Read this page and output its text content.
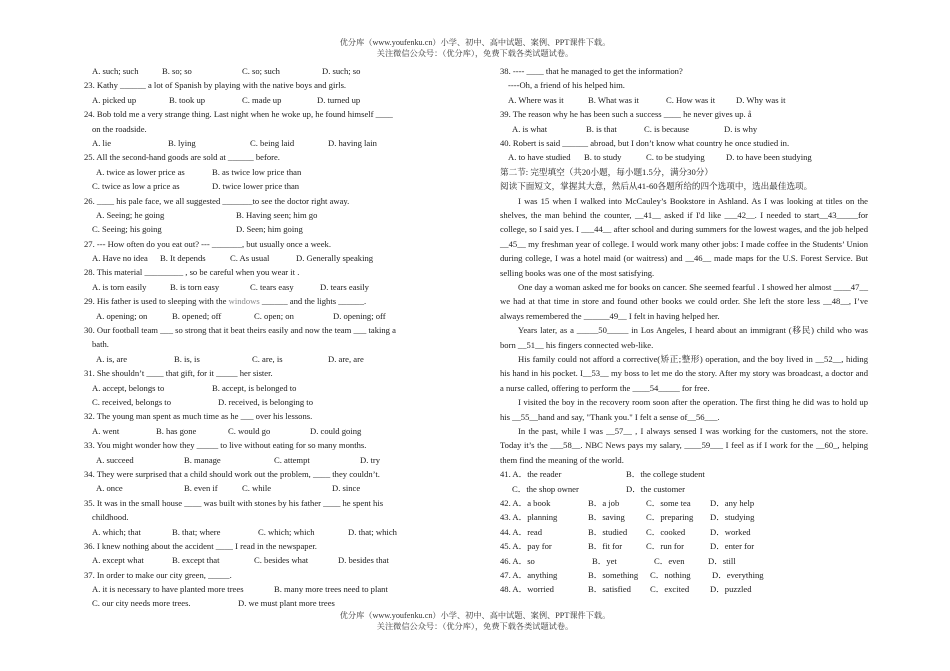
优分库（www.youfenku.cn）小学、初中、高中试题、案例、PPT课件下载。
关注微信公众号：（优分库），免费下载各类试题试卷。
A. such; such	B. so; so	C. so; such	D. such; so
23. Kathy ______ a lot of Spanish by playing with the native boys and girls.
A. picked up	B. took up	C. made up	D. turned up
24. Bob told me a very strange thing. Last night when he woke up, he found himself ____
on the roadside.
A. lie	B. lying	C. being laid	D. having lain
25. All the second-hand goods are sold at ______ before.
A. twice as lower price as	B. as twice low price than
C. twice as low a price as	D. twice lower price than
26. ____ his pale face, we all suggested _______to see the doctor right away.
A. Seeing; he going	B. Having seen; him go
C. Seeing; his going	D. Seen; him going
27. --- How often do you eat out? --- _______, but usually once a week.
A. Have no idea	B. It depends	C. As usual	D. Generally speaking
28. This material _________ , so be careful when you wear it .
A. is torn easily	B. is torn easy	C. tears easy	D. tears easily
29. His father is used to sleeping with the windows ______ and the lights ______.
A. opening; on	B. opened; off	C. open; on	D. opening; off
30. Our football team ___ so strong that it beat theirs easily and now the team ___ taking a
bath.
A. is, are	B. is, is	C. are, is	D. are, are
31. She shouldn’t ____ that gift, for it _____ her sister.
A. accept, belongs to	B. accept, is belonged to
C. received, belongs to	D. received, is belonging to
32. The young man spent as much time as he ___ over his lessons.
A. went	B. has gone	C. would go	D. could going
33. You might wonder how they _____ to live without eating for so many months.
A. succeed	B. manage	C. attempt	D. try
34. They were surprised that a child should work out the problem, ____ they couldn’t.
A. once	B. even if	C. while	D. since
35. It was in the small house ____ was built with stones by his father ____ he spent his
childhood.
A. which; that	B. that; where	C. which; which	D. that; which
36. I knew nothing about the accident ____ I read in the newspaper.
A. except what	B. except that	C. besides what	D. besides that
37. In order to make our city green, _____.
A. it is necessary to have planted more trees	B. many more trees need to plant
C. our city needs more trees.	D. we must plant more trees
38. ---- ____ that he managed to get the information?
----Oh, a friend of his helped him.
A. Where was it	B. What was it	C. How was it	D. Why was it
39. The reason why he has been such a success ____ he never gives up. å
A. is what	B. is that	C. is because	D. is why
40. Robert is said ______ abroad, but I don’t know what country he once studied in.
A. to have studied	B. to study	C. to be studying	D. to have been studying
第二节: 完型填空（共20小题，每小题1.5分，满分30分）
阅读下面短文，掌握其大意，然后从41-60各题所给的四个选项中，选出最佳选项。

I was 15 when I walked into McCauley’s Bookstore in Ashland. As I was looking at titles on the shelves, the man behind the counter, __41__ asked if I'd like ___42__. I needed to start__43_____for college, so I said yes. I ___44__ after school and during summers for the lowest wages, and the job helped __45__ my freshman year of college. I would work many other jobs: I made coffee in the Students’ Union during college, I was a hotel maid (or waitress) and __46__ made maps for the U.S. Forest Service. But selling books was one of the most satisfying.

One day a woman asked me for books on cancer. She seemed fearful . I showed her almost ____47__ we had at that time in store and found other books we could order. She left the store less __48__, I’ve always remembered the ______49__ I felt in having helped her.

Years later, as a _____50_____ in Los Angeles, I heard about an immigrant (移民) child who was born __51__ his fingers connected web-like.

His family could not afford a corrective(矫正;整形) operation, and the boy lived in __52__, hiding his hand in his pocket. I__53__ my boss to let me do the story. After my story was broadcast, a doctor and a nurse called, offering to perform the ____54_____ for free.

I visited the boy in the recovery room soon after the operation. The first thing he did was to hold up his __55__hand and say, "Thank you." I felt a sense of__56___.

In the past, while I was __57__ , I always sensed I was working for the customers, not the store. Today it’s the ___58__. NBC News pays my salary, ____59___ I feel as if I work for the __60_, helping them find the meaning of the world.

41. A．the reader	B．the college student
C．the shop owner	D．the customer
42. A．a book	B．a job	C．some tea	D．any help
43. A．planning	B．saving	C．preparing	D．studying
44. A．read	B．studied	C．cooked	D．worked
45. A．pay for	B．fit for	C．run for	D．enter for
46. A．so	B．yet	C．even	D．still
47. A．anything	B．something	C．nothing	D．everything
48. A．worried	B．satisfied	C．excited	D．puzzled
优分库（www.youfenku.cn）小学、初中、高中试题、案例、PPT课件下载。
关注微信公众号：（优分库），免费下载各类试题试卷。
